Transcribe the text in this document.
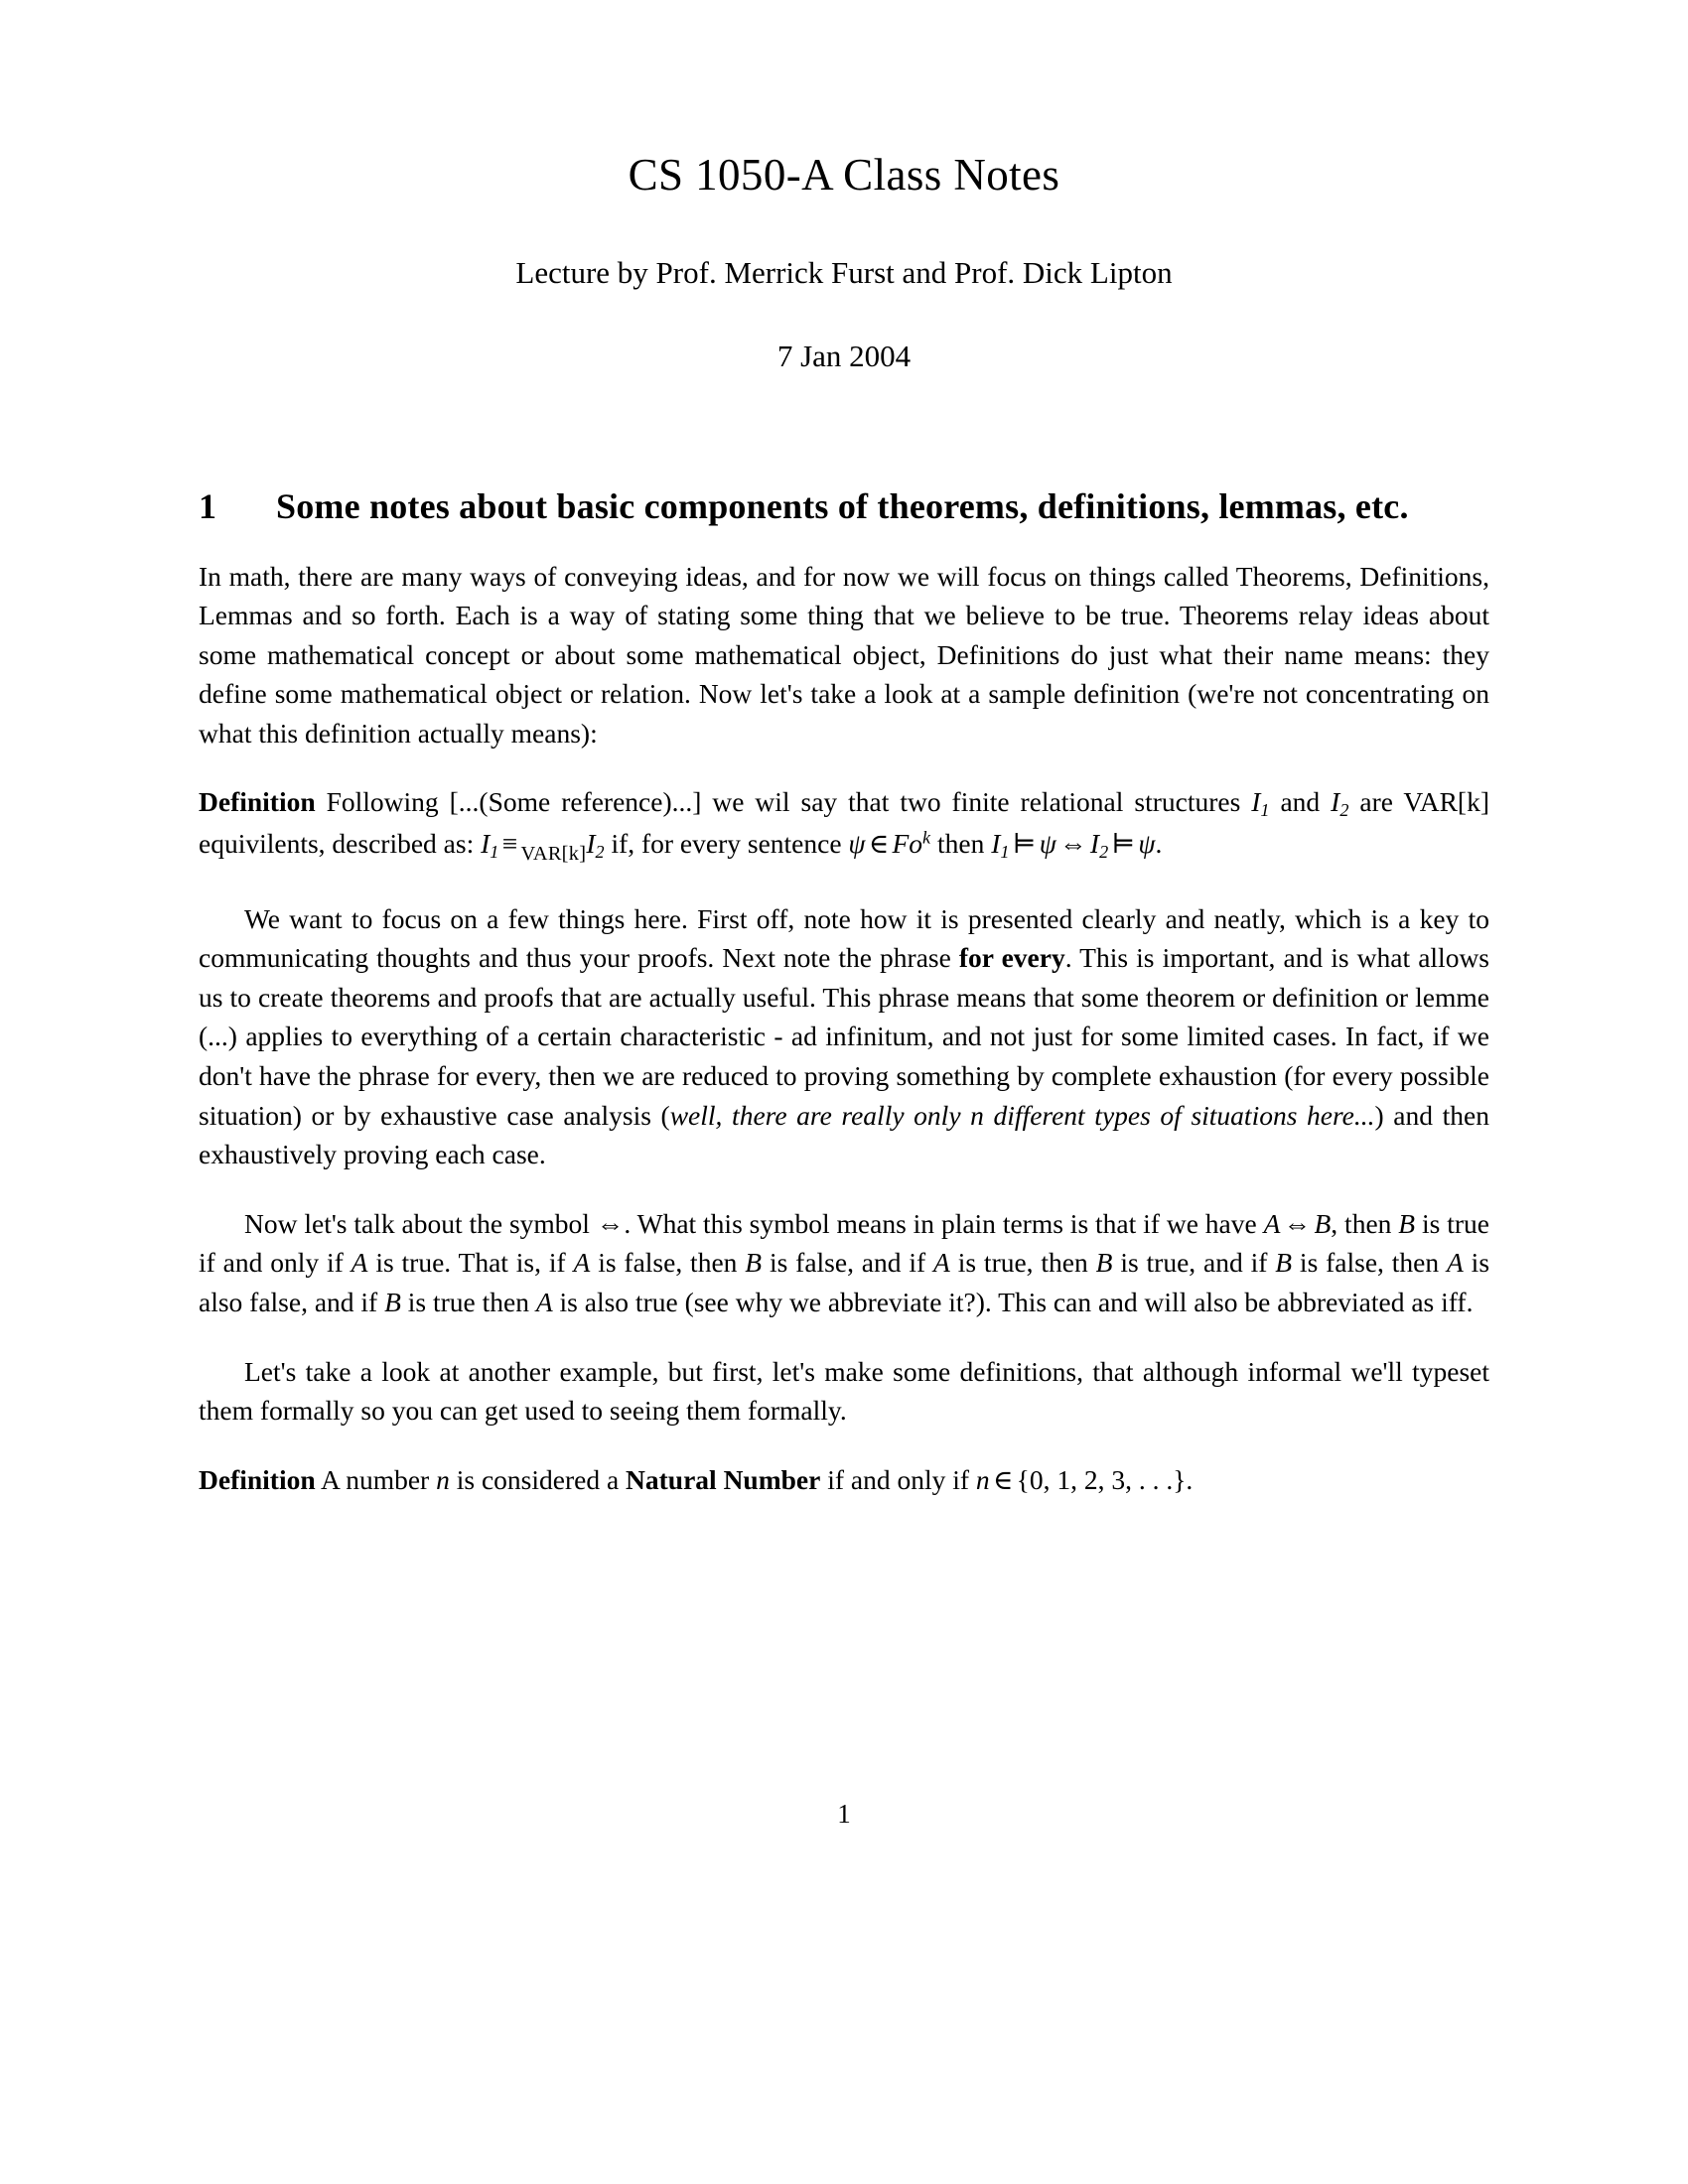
CS 1050-A Class Notes
Lecture by Prof. Merrick Furst and Prof. Dick Lipton
7 Jan 2004
1	Some notes about basic components of theorems, definitions, lemmas, etc.

In math, there are many ways of conveying ideas, and for now we will focus on things called Theorems, Definitions, Lemmas and so forth. Each is a way of stating some thing that we believe to be true. Theorems relay ideas about some mathematical concept or about some mathematical object, Definitions do just what their name means: they define some mathematical object or relation. Now let's take a look at a sample definition (we're not concentrating on what this definition actually means):

Definition Following [...(Some reference)...] we wil say that two finite relational structures $I_1$ and $I_2$ are VAR[k] equivilents, described as: $I_1 \equiv VAR[k]I_2$ if, for every sentence ψ ∈ Fo$^k$ then $I_1$ ⊨ ψ ⇔ $I_2$ ⊨ ψ.

We want to focus on a few things here. First off, note how it is presented clearly and neatly, which is a key to communicating thoughts and thus your proofs. Next note the phrase for every. This is important, and is what allows us to create theorems and proofs that are actually useful. This phrase means that some theorem or definition or lemme (...) applies to everything of a certain characteristic - ad infinitum, and not just for some limited cases. In fact, if we don't have the phrase for every, then we are reduced to proving something by complete exhaustion (for every possible situation) or by exhaustive case analysis (well, there are really only n different types of situations here...) and then exhaustively proving each case.

Now let's talk about the symbol ⇔. What this symbol means in plain terms is that if we have A ⇔ B, then B is true if and only if A is true. That is, if A is false, then B is false, and if A is true, then B is true, and if B is false, then A is also false, and if B is true then A is also true (see why we abbreviate it?). This can and will also be abbreviated as iff.

Let's take a look at another example, but first, let's make some definitions, that although informal we'll typeset them formally so you can get used to seeing them formally.

Definition A number n is considered a Natural Number if and only if n ∈ {0, 1, 2, 3, . . .}.

1
